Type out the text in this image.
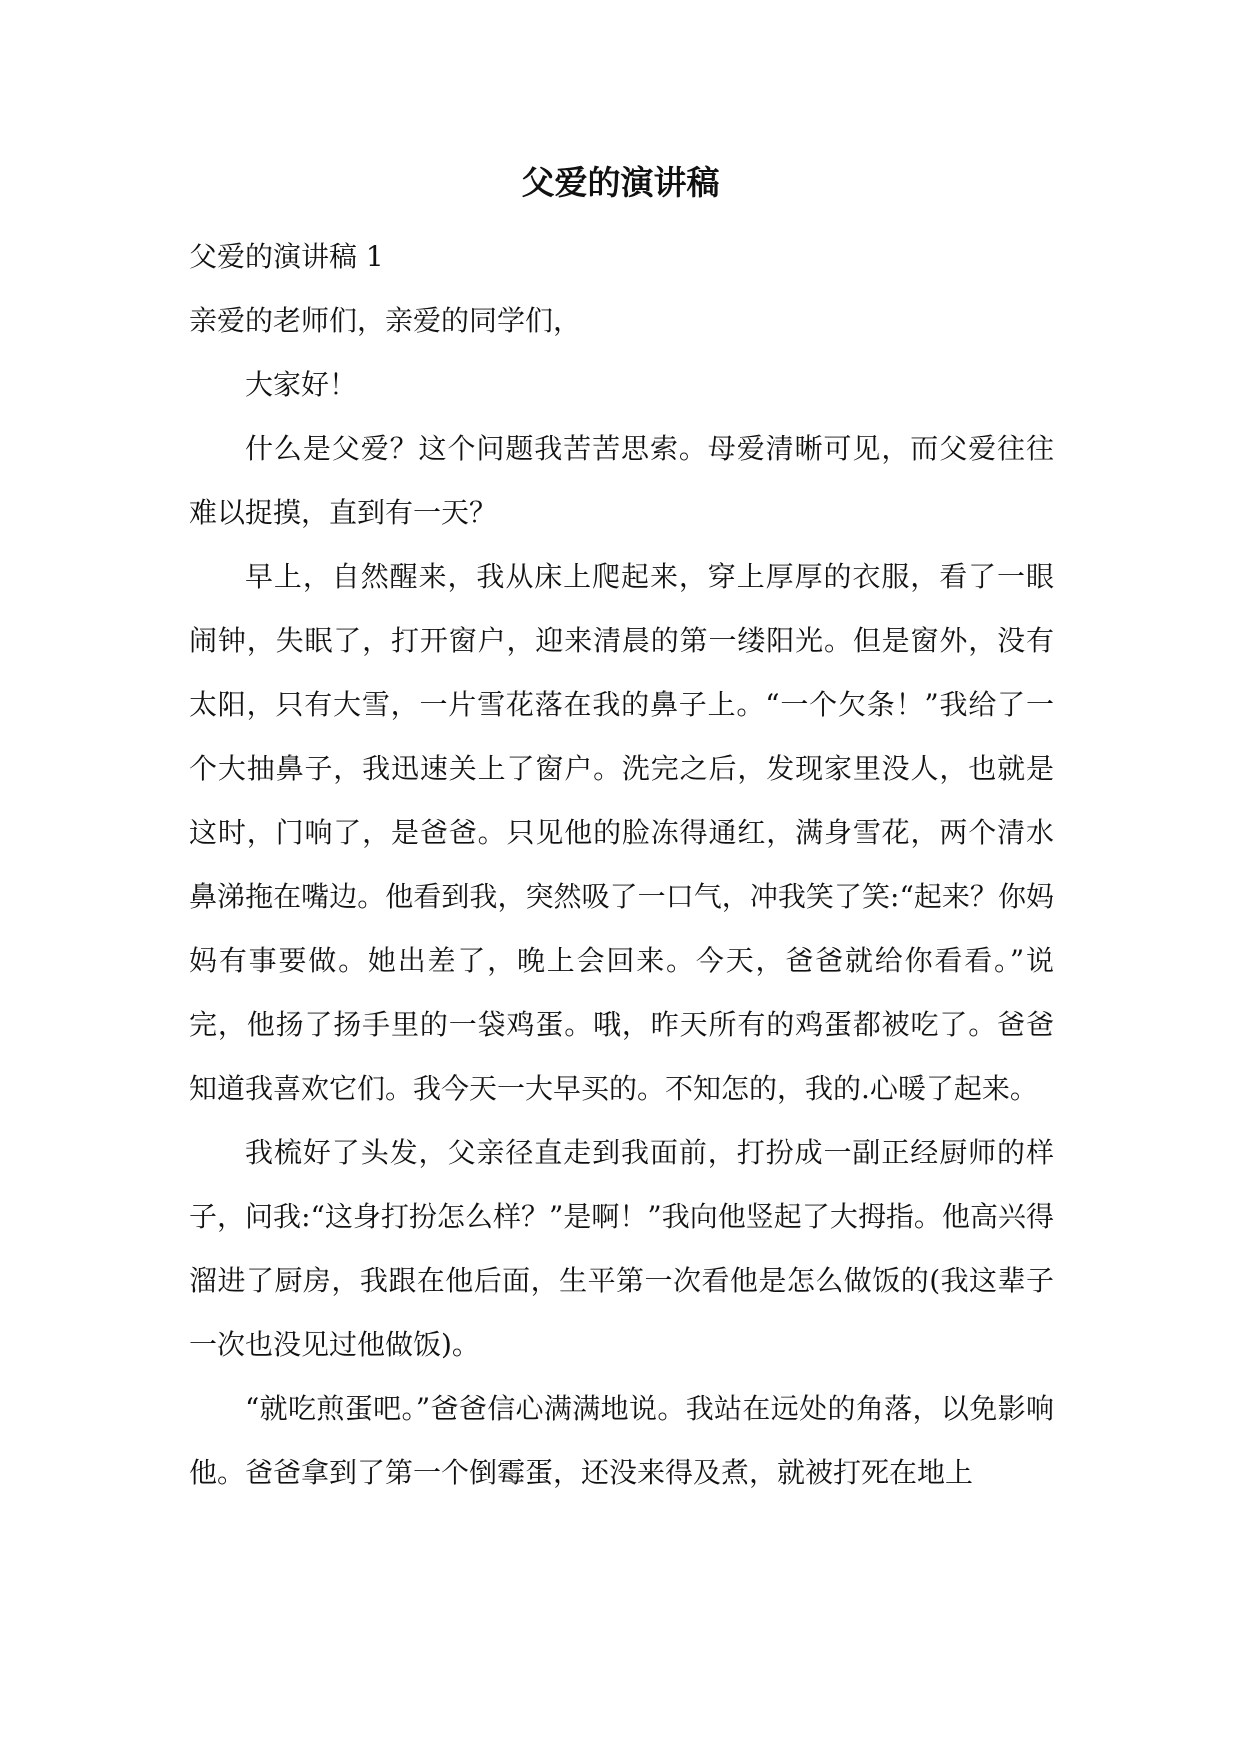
父爱的演讲稿

父爱的演讲稿 1

亲爱的老师们，亲爱的同学们，

大家好！

什么是父爱？这个问题我苦苦思索。母爱清晰可见，而父爱往往难以捉摸，直到有一天？

早上，自然醒来，我从床上爬起来，穿上厚厚的衣服，看了一眼闹钟，失眠了，打开窗户，迎来清晨的第一缕阳光。但是窗外，没有太阳，只有大雪，一片雪花落在我的鼻子上。“一个欠条！”我给了一个大抽鼻子，我迅速关上了窗户。洗完之后，发现家里没人，也就是这时，门响了，是爸爸。只见他的脸冻得通红，满身雪花，两个清水鼻涕拖在嘴边。他看到我，突然吸了一口气，冲我笑了笑:“起来？你妈妈有事要做。她出差了，晚上会回来。今天，爸爸就给你看看。”说完，他扬了扬手里的一袋鸡蛋。哦，昨天所有的鸡蛋都被吃了。爸爸知道我喜欢它们。我今天一大早买的。不知怎的，我的.心暖了起来。

我梳好了头发，父亲径直走到我面前，打扮成一副正经厨师的样子，问我:“这身打扮怎么样？”是啊！”我向他竖起了大拇指。他高兴得溜进了厨房，我跟在他后面，生平第一次看他是怎么做饭的(我这辈子一次也没见过他做饭)。

“就吃煎蛋吧。”爸爸信心满满地说。我站在远处的角落，以免影响他。爸爸拿到了第一个倒霉蛋，还没来得及煮，就被打死在地上
